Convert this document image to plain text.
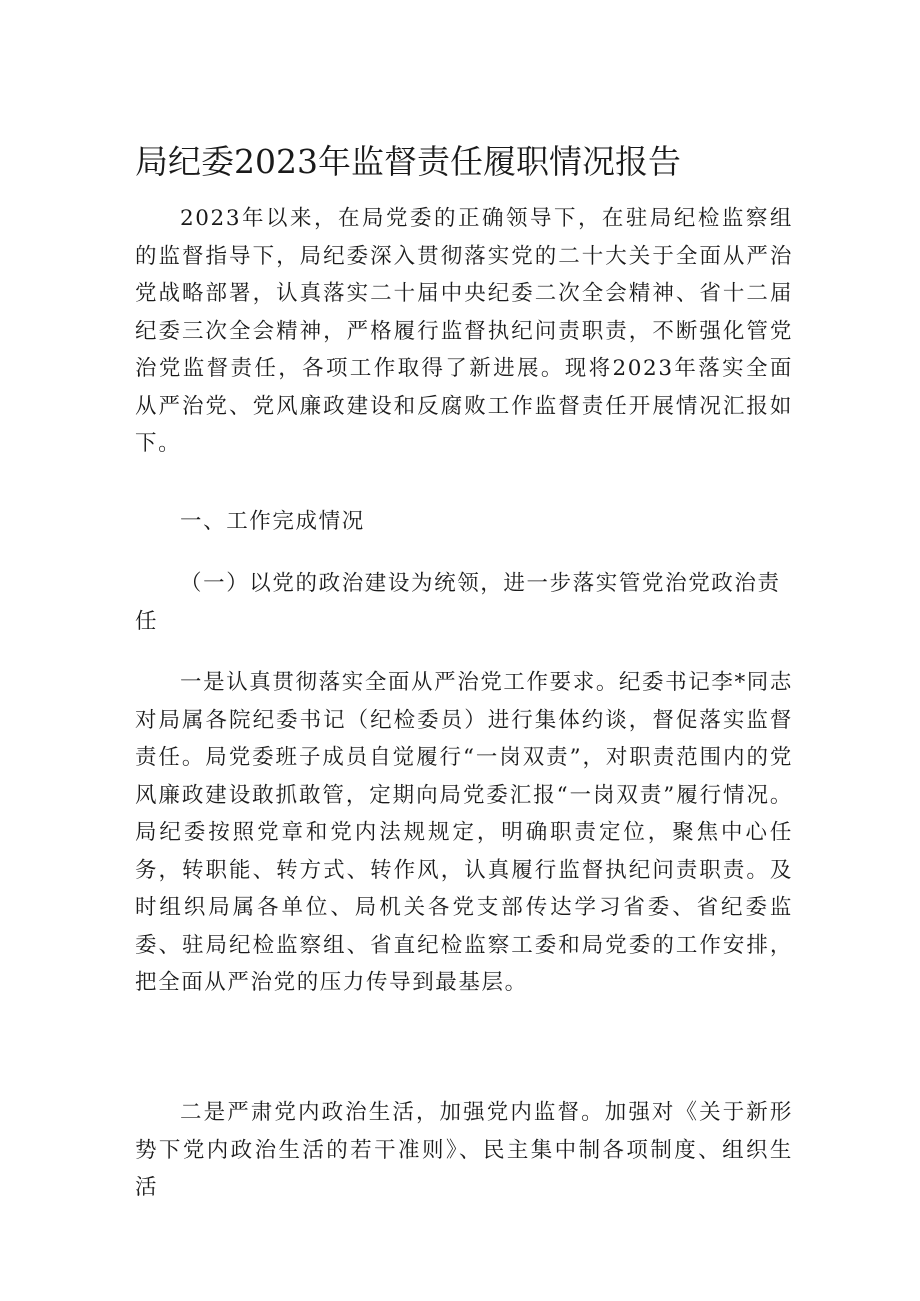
局纪委2023年监督责任履职情况报告

2023年以来，在局党委的正确领导下，在驻局纪检监察组的监督指导下，局纪委深入贯彻落实党的二十大关于全面从严治党战略部署，认真落实二十届中央纪委二次全会精神、省十二届纪委三次全会精神，严格履行监督执纪问责职责，不断强化管党治党监督责任，各项工作取得了新进展。现将2023年落实全面从严治党、党风廉政建设和反腐败工作监督责任开展情况汇报如下。

一、工作完成情况

（一）以党的政治建设为统领，进一步落实管党治党政治责任

一是认真贯彻落实全面从严治党工作要求。纪委书记李*同志对局属各院纪委书记（纪检委员）进行集体约谈，督促落实监督责任。局党委班子成员自觉履行“一岗双责”，对职责范围内的党风廉政建设敢抓敢管，定期向局党委汇报“一岗双责”履行情况。局纪委按照党章和党内法规规定，明确职责定位，聚焦中心任务，转职能、转方式、转作风，认真履行监督执纪问责职责。及时组织局属各单位、局机关各党支部传达学习省委、省纪委监委、驻局纪检监察组、省直纪检监察工委和局党委的工作安排，把全面从严治党的压力传导到最基层。

二是严肃党内政治生活，加强党内监督。加强对《关于新形势下党内政治生活的若干准则》、民主集中制各项制度、组织生活
